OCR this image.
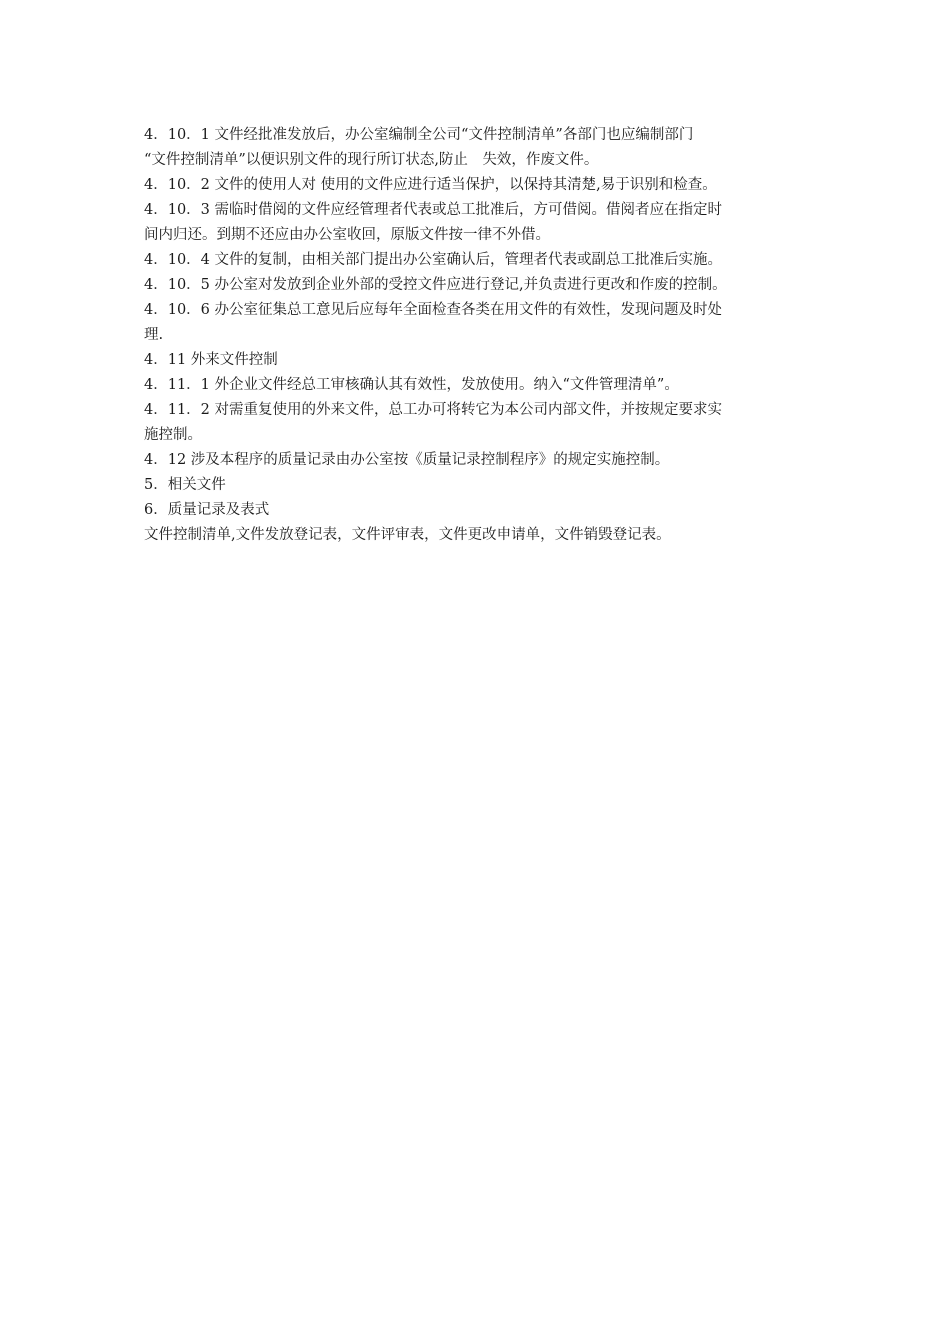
4．10．1 文件经批准发放后，办公室编制全公司“文件控制清单”各部门也应编制部门
“文件控制清单”以便识别文件的现行所订状态,防止　失效，作废文件。
4．10．2 文件的使用人对 使用的文件应进行适当保护，以保持其清楚,易于识别和检查。
4．10．3 需临时借阅的文件应经管理者代表或总工批准后，方可借阅。借阅者应在指定时
间内归还。到期不还应由办公室收回，原版文件按一律不外借。
4．10．4 文件的复制，由相关部门提出办公室确认后，管理者代表或副总工批准后实施。
4．10．5 办公室对发放到企业外部的受控文件应进行登记,并负责进行更改和作废的控制。
4．10．6 办公室征集总工意见后应每年全面检查各类在用文件的有效性，发现问题及时处
理.
4．11 外来文件控制
4．11．1 外企业文件经总工审核确认其有效性，发放使用。纳入“文件管理清单”。
4．11．2 对需重复使用的外来文件，总工办可将转它为本公司内部文件，并按规定要求实
施控制。
4．12 涉及本程序的质量记录由办公室按《质量记录控制程序》的规定实施控制。
5．相关文件
6．质量记录及表式
文件控制清单,文件发放登记表，文件评审表，文件更改申请单，文件销毁登记表。
